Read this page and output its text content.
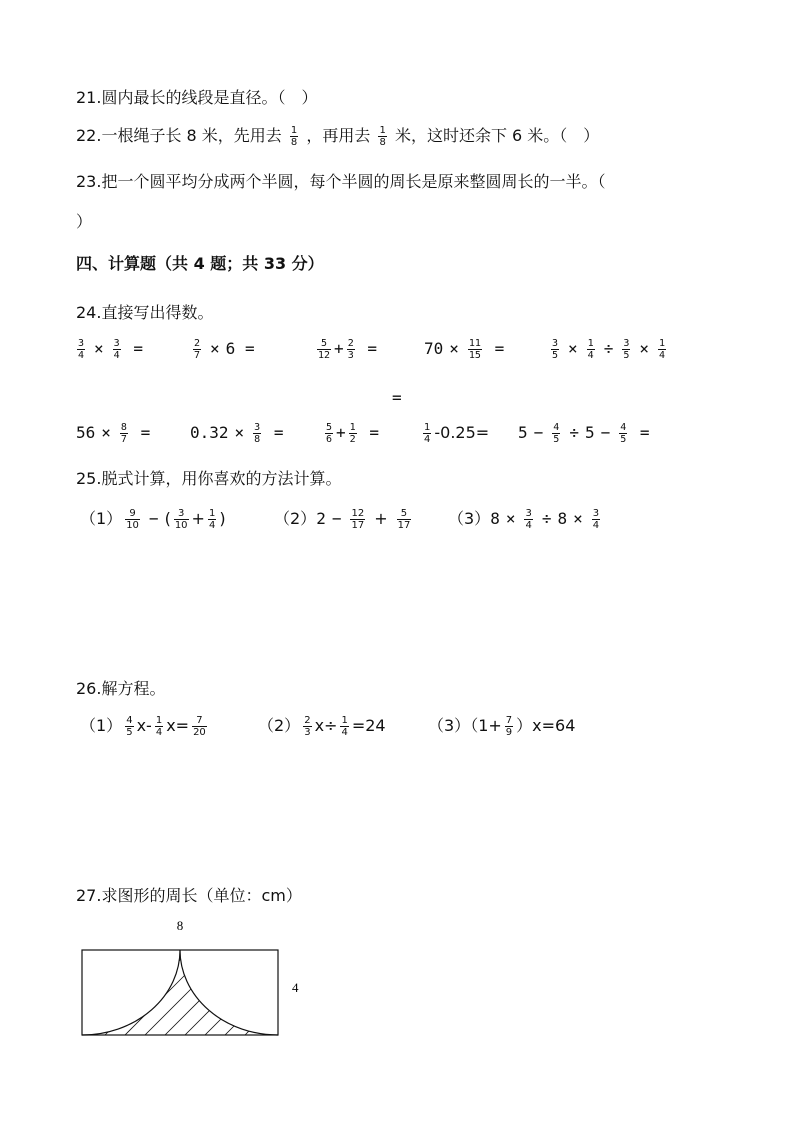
21.圆内最长的线段是直径。（　）
22.一根绳子长 8 米，先用去 $\frac{1}{8}$ ，再用去 $\frac{1}{8}$ 米，这时还余下 6 米。（　）
23.把一个圆平均分成两个半圆，每个半圆的周长是原来整圆周长的一半。（
）
四、计算题（共 4 题；共 33 分）
24.直接写出得数。
$\frac{3}{4} \times \frac{3}{4}$ =	$\frac{2}{7} \times 6$ =	$\frac{5}{12} + \frac{2}{3}$ =	$70 \times \frac{11}{15}$ =	$\frac{3}{5} \times \frac{1}{4} \div \frac{3}{5} \times \frac{1}{4}$
=
$56 \times \frac{8}{7} = 0.32 \times \frac{3}{8}$ =	$\frac{5}{6} + \frac{1}{2}$ =	$\frac{1}{4} -0.25= 5 - \frac{4}{5} \div 5 - \frac{4}{5}$ =
25.脱式计算，用你喜欢的方法计算。
$(1) \frac{9}{10}$ − ( $\frac{3}{10} + \frac{1}{4}$ )	$(2)2 - \frac{12}{17} + \frac{5}{17} (3)8 \times \frac{3}{4} \div 8 \times \frac{3}{4}$
26.解方程。
$(1) \frac{4}{5} x- \frac{1}{4} x= \frac{7}{20}$	$(2) \frac{2}{3} x\div \frac{1}{4} =24$	$(3)(1+ \frac{7}{9} )x=64$
27.求图形的周长（单位：cm）
8
4
